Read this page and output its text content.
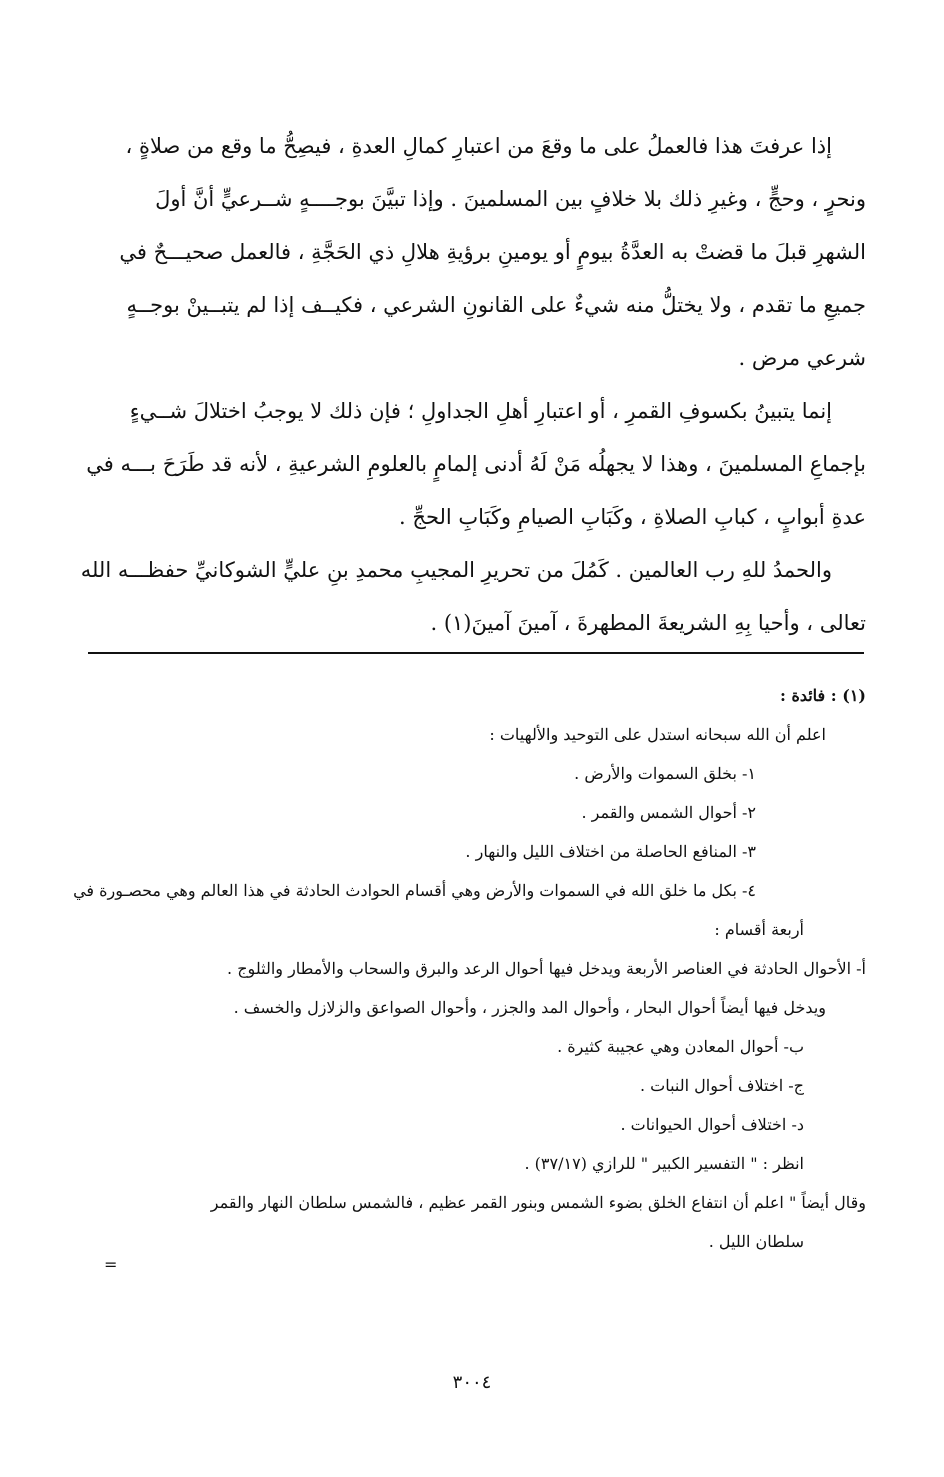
إذا عرفتَ هذا فالعملُ على ما وقعَ من اعتبارِ كمالِ العدةِ ، فيصِحُّ ما وقع من صلاةٍ ،

ونحرٍ ، وحجٍّ ، وغيرِ ذلك بلا خلافٍ بين المسلمينَ . وإذا تبيَّنَ بوجــــهٍ شــرعيٍّ أنَّ أولَ

الشهرِ قبلَ ما قضتْ به العدَّةُ بيومٍ أو يومينِ برؤيةِ هلالِ ذي الحَجَّةِ ، فالعمل صحيـــحٌ في

جميعِ ما تقدم ، ولا يختلُّ منه شيءٌ على القانونِ الشرعي ، فكيــف إذا لم يتبــينْ بوجــهٍ

شرعي مرض .

إنما يتبينُ بكسوفِ القمرِ ، أو اعتبارِ أهلِ الجداولِ ؛ فإن ذلك لا يوجبُ اختلالَ شــيءٍ

بإجماعِ المسلمينَ ، وهذا لا يجهلُه مَنْ لَهُ أدنى إلمامٍ بالعلومِ الشرعيةِ ، لأنه قد طَرَحَ بـــه في

عدةِ أبوابٍ ، كبابِ الصلاةِ ، وكَبَابِ الصيامِ وكَبَابِ الحجِّ .

والحمدُ للهِ رب العالمين . كَمُلَ من تحريرِ المجيبِ محمدِ بنِ عليٍّ الشوكانيِّ حفظـــه الله

تعالى ، وأحيا بِهِ الشريعةَ المطهرةَ ، آمينَ آمينَ(١) .

(١) : فائدة :

اعلم أن الله سبحانه استدل على التوحيد والألهيات :

١- بخلق السموات والأرض .

٢- أحوال الشمس والقمر .

٣- المنافع الحاصلة من اختلاف الليل والنهار .

٤- بكل ما خلق الله في السموات والأرض وهي أقسام الحوادث الحادثة في هذا العالم وهي محصـورة في

أربعة أقسام :

أ- الأحوال الحادثة في العناصر الأربعة ويدخل فيها أحوال الرعد والبرق والسحاب والأمطار والثلوج .

ويدخل فيها أيضاً أحوال البحار ، وأحوال المد والجزر ، وأحوال الصواعق والزلازل والخسف .

ب- أحوال المعادن وهي عجيبة كثيرة .

ج- اختلاف أحوال النبات .

د- اختلاف أحوال الحيوانات .

انظر : " التفسير الكبير " للرازي (٣٧/١٧) .

وقال أيضاً " اعلم أن انتفاع الخلق بضوء الشمس وبنور القمر عظيم ، فالشمس سلطان النهار والقمر

سلطان الليل .

=
٣٠٠٤
